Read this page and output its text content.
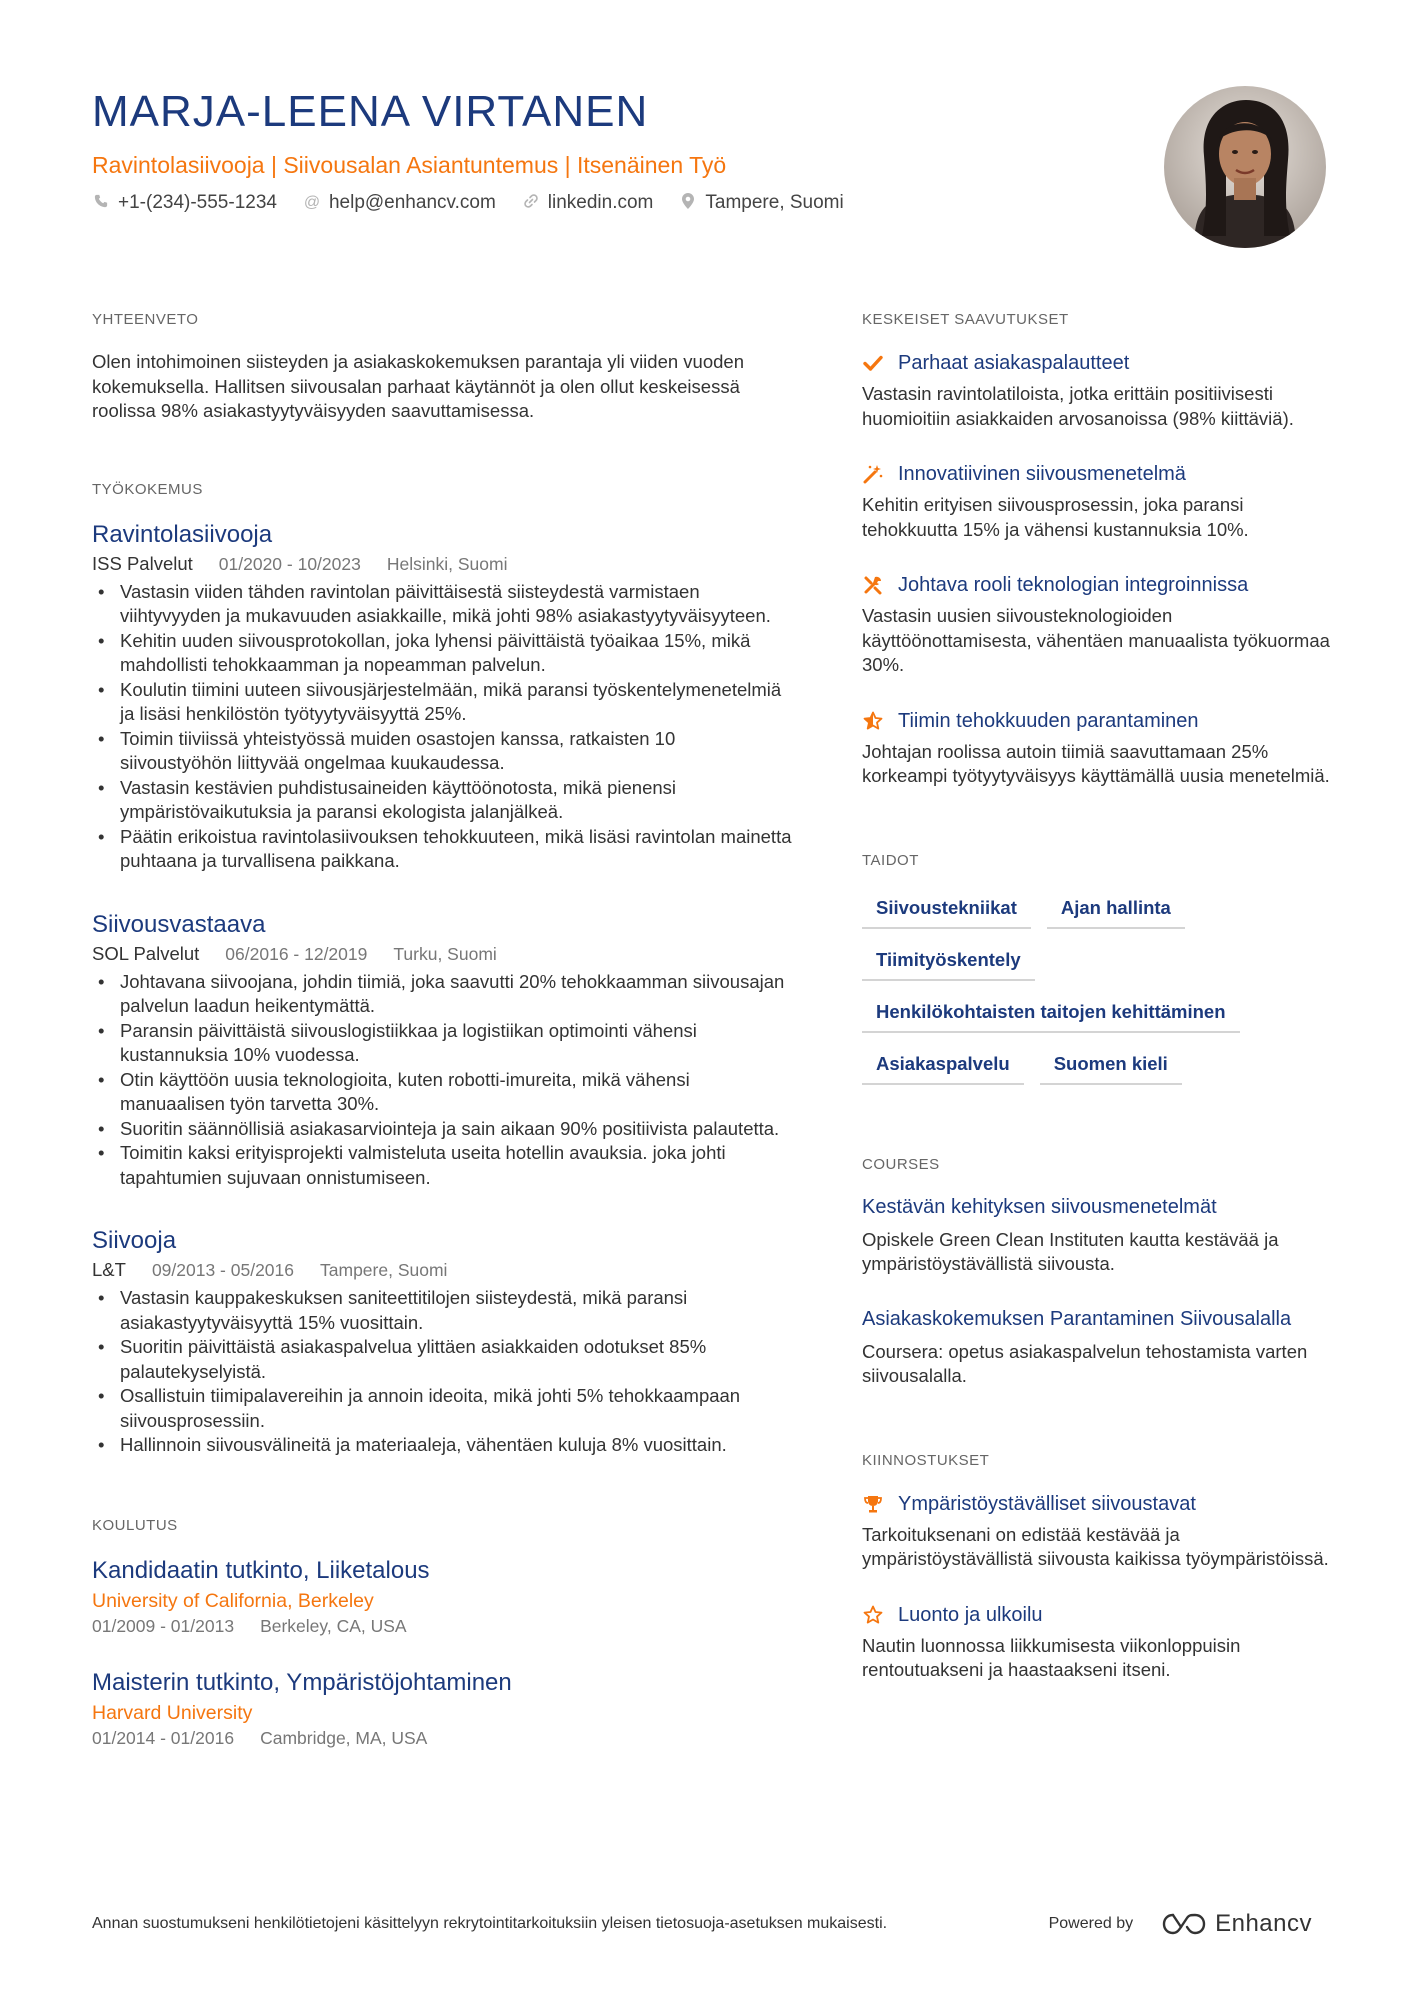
MARJA-LEENA VIRTANEN
Ravintolasiivooja | Siivousalan Asiantuntemus | Itsenäinen Työ
+1-(234)-555-1234 @ help@enhancv.com	linkedin.com	Tampere, Suomi
YHTEENVETO
Olen intohimoinen siisteyden ja asiakaskokemuksen parantaja yli viiden vuoden kokemuksella. Hallitsen siivousalan parhaat käytännöt ja olen ollut keskeisessä roolissa 98% asiakastyytyväisyyden saavuttamisessa.
TYÖKOKEMUS
Ravintolasiivooja
ISS Palvelut 01/2020 - 10/2023 Helsinki, Suomi
• Vastasin viiden tähden ravintolan päivittäisestä siisteydestä varmistaen viihtyvyyden ja mukavuuden asiakkaille, mikä johti 98% asiakastyytyväisyyteen.
• Kehitin uuden siivousprotokollan, joka lyhensi päivittäistä työaikaa 15%, mikä mahdollisti tehokkaamman ja nopeamman palvelun.
• Koulutin tiimini uuteen siivousjärjestelmään, mikä paransi työskentelymenetelmiä ja lisäsi henkilöstön työtyytyväisyyttä 25%.
• Toimin tiiviissä yhteistyössä muiden osastojen kanssa, ratkaisten 10 siivoustyöhön liittyvää ongelmaa kuukaudessa.
• Vastasin kestävien puhdistusaineiden käyttöönotosta, mikä pienensi ympäristövaikutuksia ja paransi ekologista jalanjälkeä.
• Päätin erikoistua ravintolasiivouksen tehokkuuteen, mikä lisäsi ravintolan mainetta puhtaana ja turvallisena paikkana.
Siivousvastaava
SOL Palvelut 06/2016 - 12/2019 Turku, Suomi
• Johtavana siivoojana, johdin tiimiä, joka saavutti 20% tehokkaamman siivousajan palvelun laadun heikentymättä.
• Paransin päivittäistä siivouslogistiikkaa ja logistiikan optimointi vähensi kustannuksia 10% vuodessa.
• Otin käyttöön uusia teknologioita, kuten robotti-imureita, mikä vähensi manuaalisen työn tarvetta 30%.
• Suoritin säännöllisiä asiakasarviointeja ja sain aikaan 90% positiivista palautetta.
• Toimitin kaksi erityisprojekti valmisteluta useita hotellin avauksia. joka johti tapahtumien sujuvaan onnistumiseen.
Siivooja
L&T 09/2013 - 05/2016 Tampere, Suomi
• Vastasin kauppakeskuksen saniteettitilojen siisteydestä, mikä paransi asiakastyytyväisyyttä 15% vuosittain.
• Suoritin päivittäistä asiakaspalvelua ylittäen asiakkaiden odotukset 85% palautekyselyistä.
• Osallistuin tiimipalavereihin ja annoin ideoita, mikä johti 5% tehokkaampaan siivousprosessiin.
• Hallinnoin siivousvälineitä ja materiaaleja, vähentäen kuluja 8% vuosittain.
KOULUTUS
Kandidaatin tutkinto, Liiketalous
University of California, Berkeley
01/2009 - 01/2013 Berkeley, CA, USA
Maisterin tutkinto, Ympäristöjohtaminen
Harvard University
01/2014 - 01/2016 Cambridge, MA, USA
KESKEISET SAAVUTUKSET
Parhaat asiakaspalautteet
Vastasin ravintolatiloista, jotka erittäin positiivisesti huomioitiin asiakkaiden arvosanoissa (98% kiittäviä).
Innovatiivinen siivousmenetelmä
Kehitin erityisen siivousprosessin, joka paransi tehokkuutta 15% ja vähensi kustannuksia 10%.
Johtava rooli teknologian integroinnissa
Vastasin uusien siivousteknologioiden käyttöönottamisesta, vähentäen manuaalista työkuormaa 30%.
Tiimin tehokkuuden parantaminen
Johtajan roolissa autoin tiimiä saavuttamaan 25% korkeampi työtyytyväisyys käyttämällä uusia menetelmiä.
TAIDOT
Siivoustekniikat	Ajan hallinta
Tiimityöskentely
Henkilökohtaisten taitojen kehittäminen
Asiakaspalvelu	Suomen kieli
COURSES
Kestävän kehityksen siivousmenetelmät
Opiskele Green Clean Instituten kautta kestävää ja ympäristöystävällistä siivousta.
Asiakaskokemuksen Parantaminen Siivousalalla
Coursera: opetus asiakaspalvelun tehostamista varten siivousalalla.
KIINNOSTUKSET
Ympäristöystävälliset siivoustavat
Tarkoituksenani on edistää kestävää ja ympäristöystävällistä siivousta kaikissa työympäristöissä.
Luonto ja ulkoilu
Nautin luonnossa liikkumisesta viikonloppuisin rentoutuakseni ja haastaakseni itseni.
Annan suostumukseni henkilötietojeni käsittelyyn rekrytointitarkoituksiin yleisen tietosuoja-asetuksen mukaisesti.	Powered by	Enhancv
